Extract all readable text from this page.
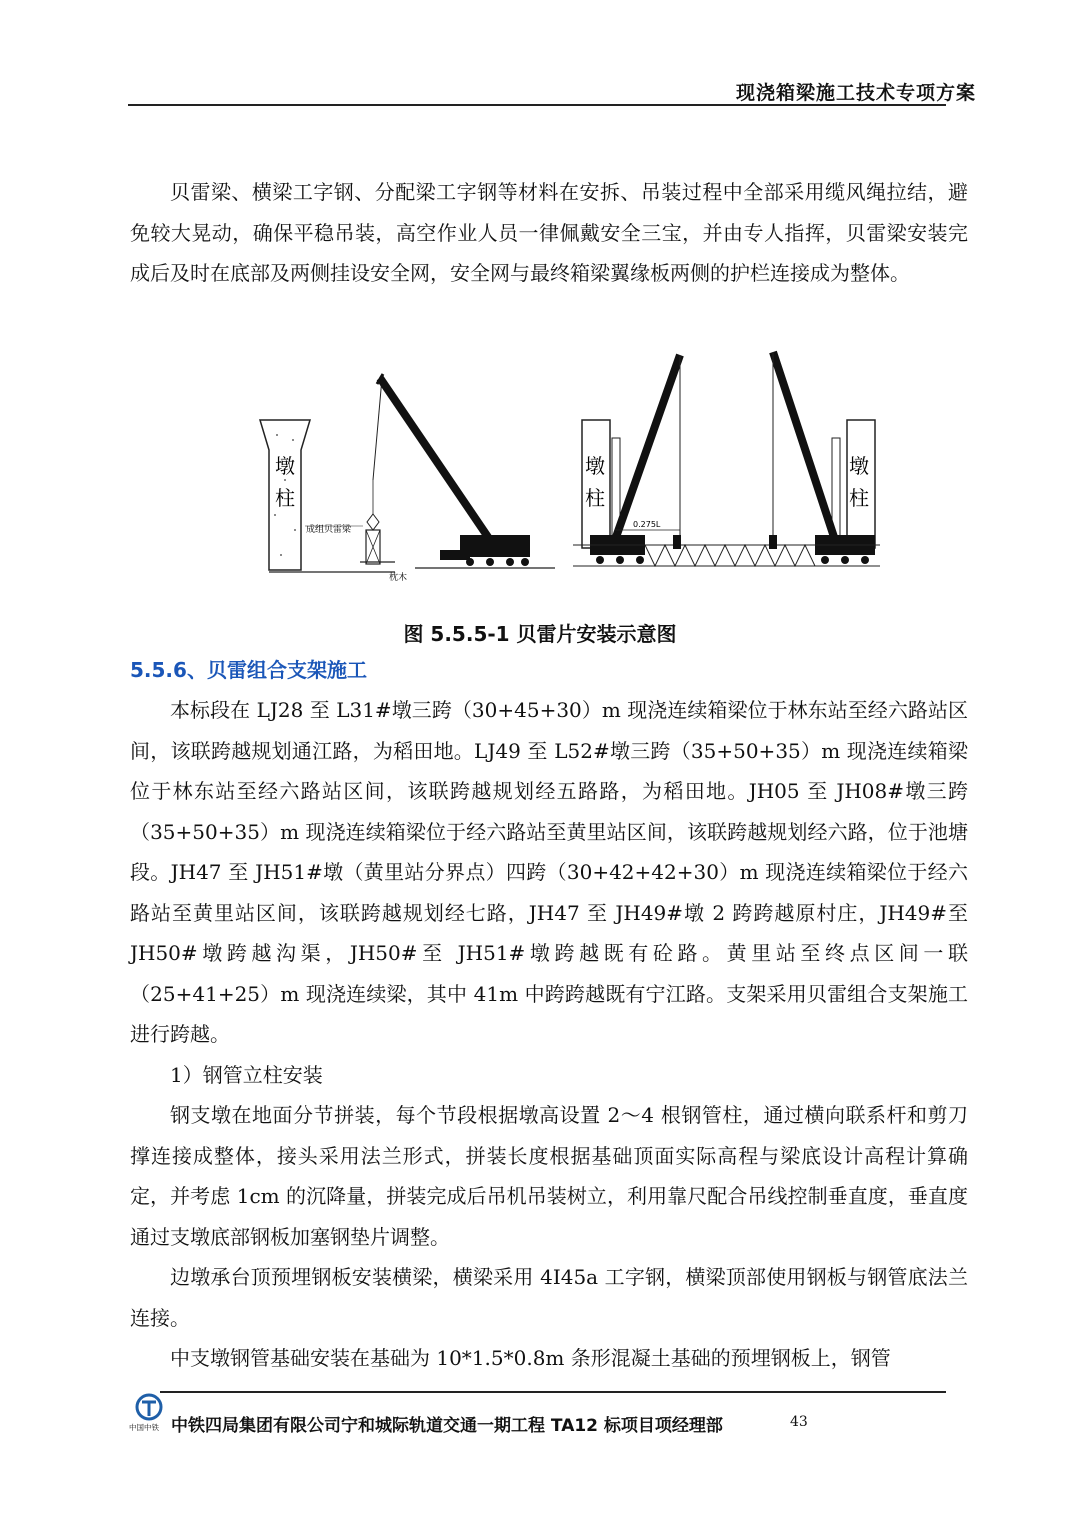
现浇箱梁施工技术专项方案

贝雷梁、横梁工字钢、分配梁工字钢等材料在安拆、吊装过程中全部采用缆风绳拉结，避免较大晃动，确保平稳吊装，高空作业人员一律佩戴安全三宝，并由专人指挥，贝雷梁安装完成后及时在底部及两侧挂设安全网，安全网与最终箱梁翼缘板两侧的护栏连接成为整体。

墩
柱
成组贝雷梁
枕木
墩
柱
墩
柱
0.275L
图 5.5.5-1 贝雷片安装示意图
5.5.6、贝雷组合支架施工

本标段在 LJ28 至 L31#墩三跨（30+45+30）m 现浇连续箱梁位于林东站至经六路站区间，该联跨越规划通江路，为稻田地。LJ49 至 L52#墩三跨（35+50+35）m 现浇连续箱梁位于林东站至经六路站区间，该联跨越规划经五路路，为稻田地。JH05 至 JH08#墩三跨（35+50+35）m 现浇连续箱梁位于经六路站至黄里站区间，该联跨越规划经六路，位于池塘段。JH47 至 JH51#墩（黄里站分界点）四跨（30+42+42+30）m 现浇连续箱梁位于经六路站至黄里站区间，该联跨越规划经七路，JH47 至 JH49#墩 2 跨跨越原村庄，JH49#至 JH50#墩跨越沟渠，JH50#至 JH51#墩跨越既有砼路。黄里站至终点区间一联（25+41+25）m 现浇连续梁，其中 41m 中跨跨越既有宁江路。支架采用贝雷组合支架施工进行跨越。

1）钢管立柱安装

钢支墩在地面分节拼装，每个节段根据墩高设置 2～4 根钢管柱，通过横向联系杆和剪刀撑连接成整体，接头采用法兰形式，拼装长度根据基础顶面实际高程与梁底设计高程计算确定，并考虑 1cm 的沉降量，拼装完成后吊机吊装树立，利用靠尺配合吊线控制垂直度，垂直度通过支墩底部钢板加塞钢垫片调整。

边墩承台顶预埋钢板安装横梁，横梁采用 4I45a 工字钢，横梁顶部使用钢板与钢管底法兰连接。

中支墩钢管基础安装在基础为 10*1.5*0.8m 条形混凝土基础的预埋钢板上，钢管

中国中铁 中铁四局集团有限公司宁和城际轨道交通一期工程 TA12 标项目项经理部	43
